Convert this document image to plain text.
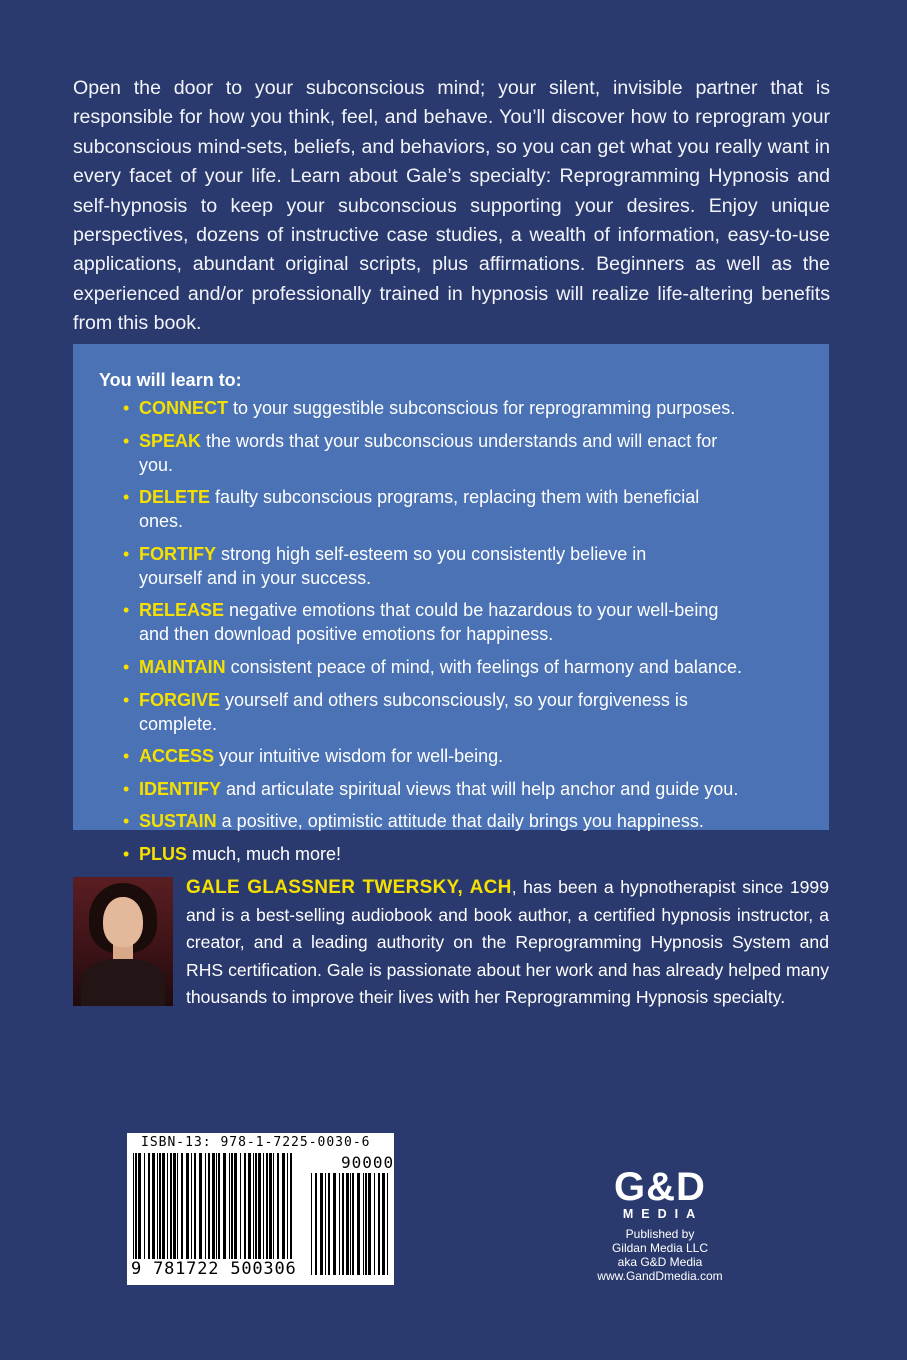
Open the door to your subconscious mind; your silent, invisible partner that is responsible for how you think, feel, and behave. You’ll discover how to reprogram your subconscious mind-sets, beliefs, and behaviors, so you can get what you really want in every facet of your life. Learn about Gale’s specialty: Reprogramming Hypnosis and self-hypnosis to keep your subconscious supporting your desires. Enjoy unique perspectives, dozens of instructive case studies, a wealth of information, easy-to-use applications, abundant original scripts, plus affirmations. Beginners as well as the experienced and/or professionally trained in hypnosis will realize life-altering benefits from this book.

You will learn to:
• CONNECT to your suggestible subconscious for reprogramming purposes.
• SPEAK the words that your subconscious understands and will enact for you.
• DELETE faulty subconscious programs, replacing them with beneficial ones.
• FORTIFY strong high self-esteem so you consistently believe in yourself and in your success.
• RELEASE negative emotions that could be hazardous to your well-being and then download positive emotions for happiness.
• MAINTAIN consistent peace of mind, with feelings of harmony and balance.
• FORGIVE yourself and others subconsciously, so your forgiveness is complete.
• ACCESS your intuitive wisdom for well-being.
• IDENTIFY and articulate spiritual views that will help anchor and guide you.
• SUSTAIN a positive, optimistic attitude that daily brings you happiness.
• PLUS much, much more!

GALE GLASSNER TWERSKY, ACH, has been a hypnotherapist since 1999 and is a best-selling audiobook and book author, a certified hypnosis instructor, a creator, and a leading authority on the Reprogramming Hypnosis System and RHS certification. Gale is passionate about her work and has already helped many thousands to improve their lives with her Reprogramming Hypnosis specialty.

ISBN-13: 978-1-7225-0030-6
90000
9 781722 500306
G&D
MEDIA
Published by
Gildan Media LLC
aka G&D Media
www.GandDmedia.com
